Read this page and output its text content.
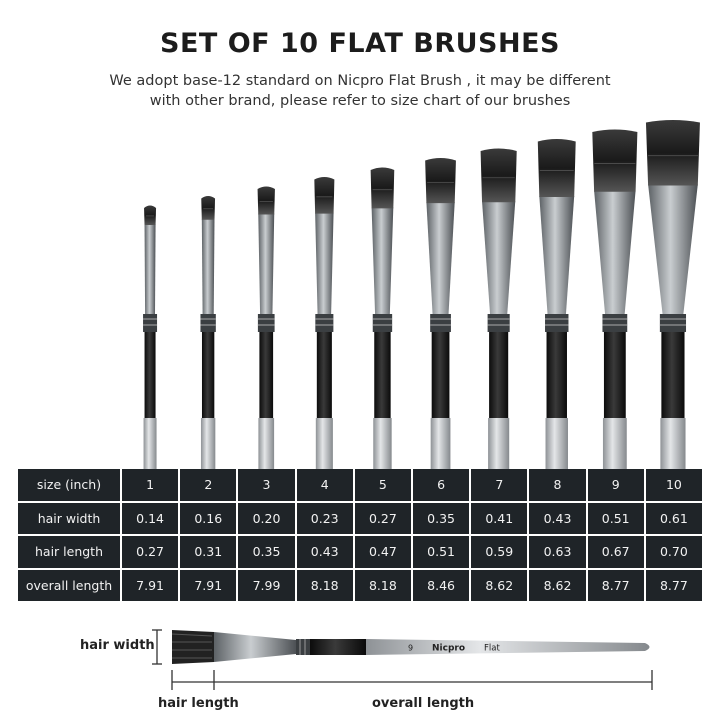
SET OF 10 FLAT BRUSHES
We adopt base-12 standard on Nicpro Flat Brush , it may be different
with other brand, please refer to size chart of our brushes
size (inch)	1	2	3	4	5	6	7	8	9	10
hair width	0.14	0.16	0.20	0.23	0.27	0.35	0.41	0.43	0.51	0.61
hair length	0.27	0.31	0.35	0.43	0.47	0.51	0.59	0.63	0.67	0.70
overall length	7.91	7.91	7.99	8.18	8.18	8.46	8.62	8.62	8.77	8.77
9 Nicpro Flat
hair width
hair length	overall length
